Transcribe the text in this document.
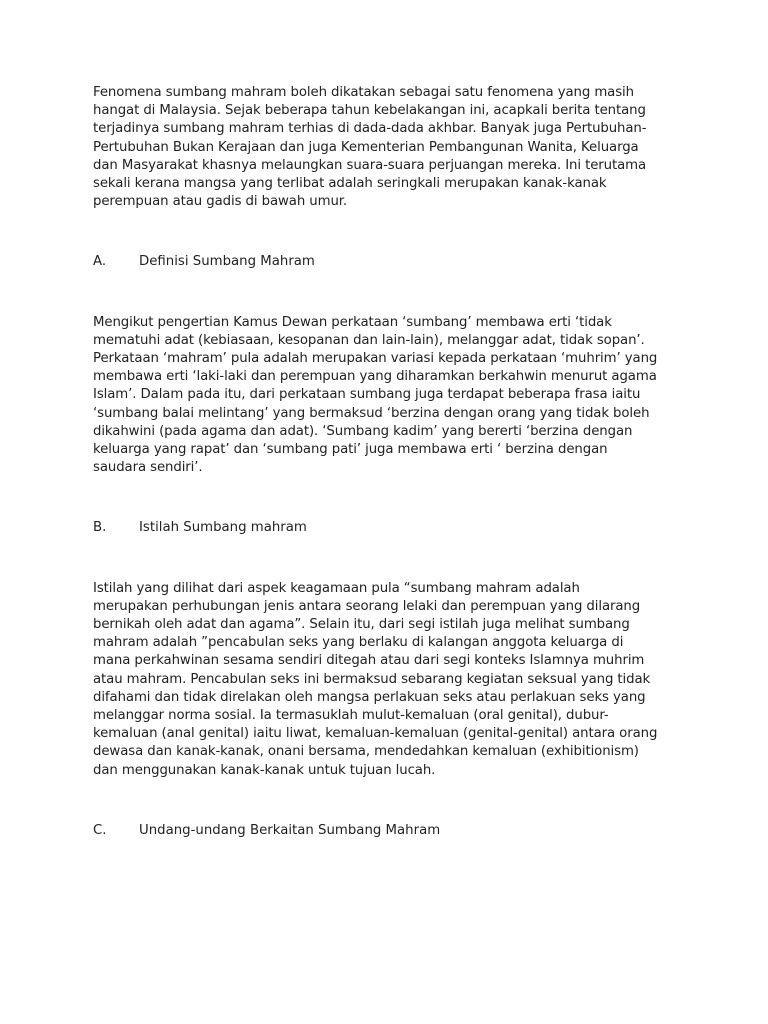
Fenomena sumbang mahram boleh dikatakan sebagai satu fenomena yang masih hangat di Malaysia. Sejak beberapa tahun kebelakangan ini, acapkali berita tentang terjadinya sumbang mahram terhias di dada-dada akhbar. Banyak juga Pertubuhan-Pertubuhan Bukan Kerajaan dan juga Kementerian Pembangunan Wanita, Keluarga dan Masyarakat khasnya melaungkan suara-suara perjuangan mereka. Ini terutama sekali kerana mangsa yang terlibat adalah seringkali merupakan kanak-kanak perempuan atau gadis di bawah umur.

A.	Definisi Sumbang Mahram

Mengikut pengertian Kamus Dewan perkataan ‘sumbang’ membawa erti ‘tidak mematuhi adat (kebiasaan, kesopanan dan lain-lain), melanggar adat, tidak sopan’. Perkataan ‘mahram’ pula adalah merupakan variasi kepada perkataan ‘muhrim’ yang membawa erti ‘laki-laki dan perempuan yang diharamkan berkahwin menurut agama Islam’. Dalam pada itu, dari perkataan sumbang juga terdapat beberapa frasa iaitu ‘sumbang balai melintang’ yang bermaksud ‘berzina dengan orang yang tidak boleh dikahwini (pada agama dan adat). ‘Sumbang kadim’ yang bererti ‘berzina dengan keluarga yang rapat’ dan ‘sumbang pati’ juga membawa erti ‘ berzina dengan saudara sendiri’.

B.	Istilah Sumbang mahram

Istilah yang dilihat dari aspek keagamaan pula “sumbang mahram adalah merupakan perhubungan jenis antara seorang lelaki dan perempuan yang dilarang bernikah oleh adat dan agama”. Selain itu, dari segi istilah juga melihat sumbang mahram adalah ”pencabulan seks yang berlaku di kalangan anggota keluarga di mana perkahwinan sesama sendiri ditegah atau dari segi konteks Islamnya muhrim atau mahram. Pencabulan seks ini bermaksud sebarang kegiatan seksual yang tidak difahami dan tidak direlakan oleh mangsa perlakuan seks atau perlakuan seks yang melanggar norma sosial. Ia termasuklah mulut-kemaluan (oral genital), dubur-kemaluan (anal genital) iaitu liwat, kemaluan-kemaluan (genital-genital) antara orang dewasa dan kanak-kanak, onani bersama, mendedahkan kemaluan (exhibitionism) dan menggunakan kanak-kanak untuk tujuan lucah.

C.	Undang-undang Berkaitan Sumbang Mahram
